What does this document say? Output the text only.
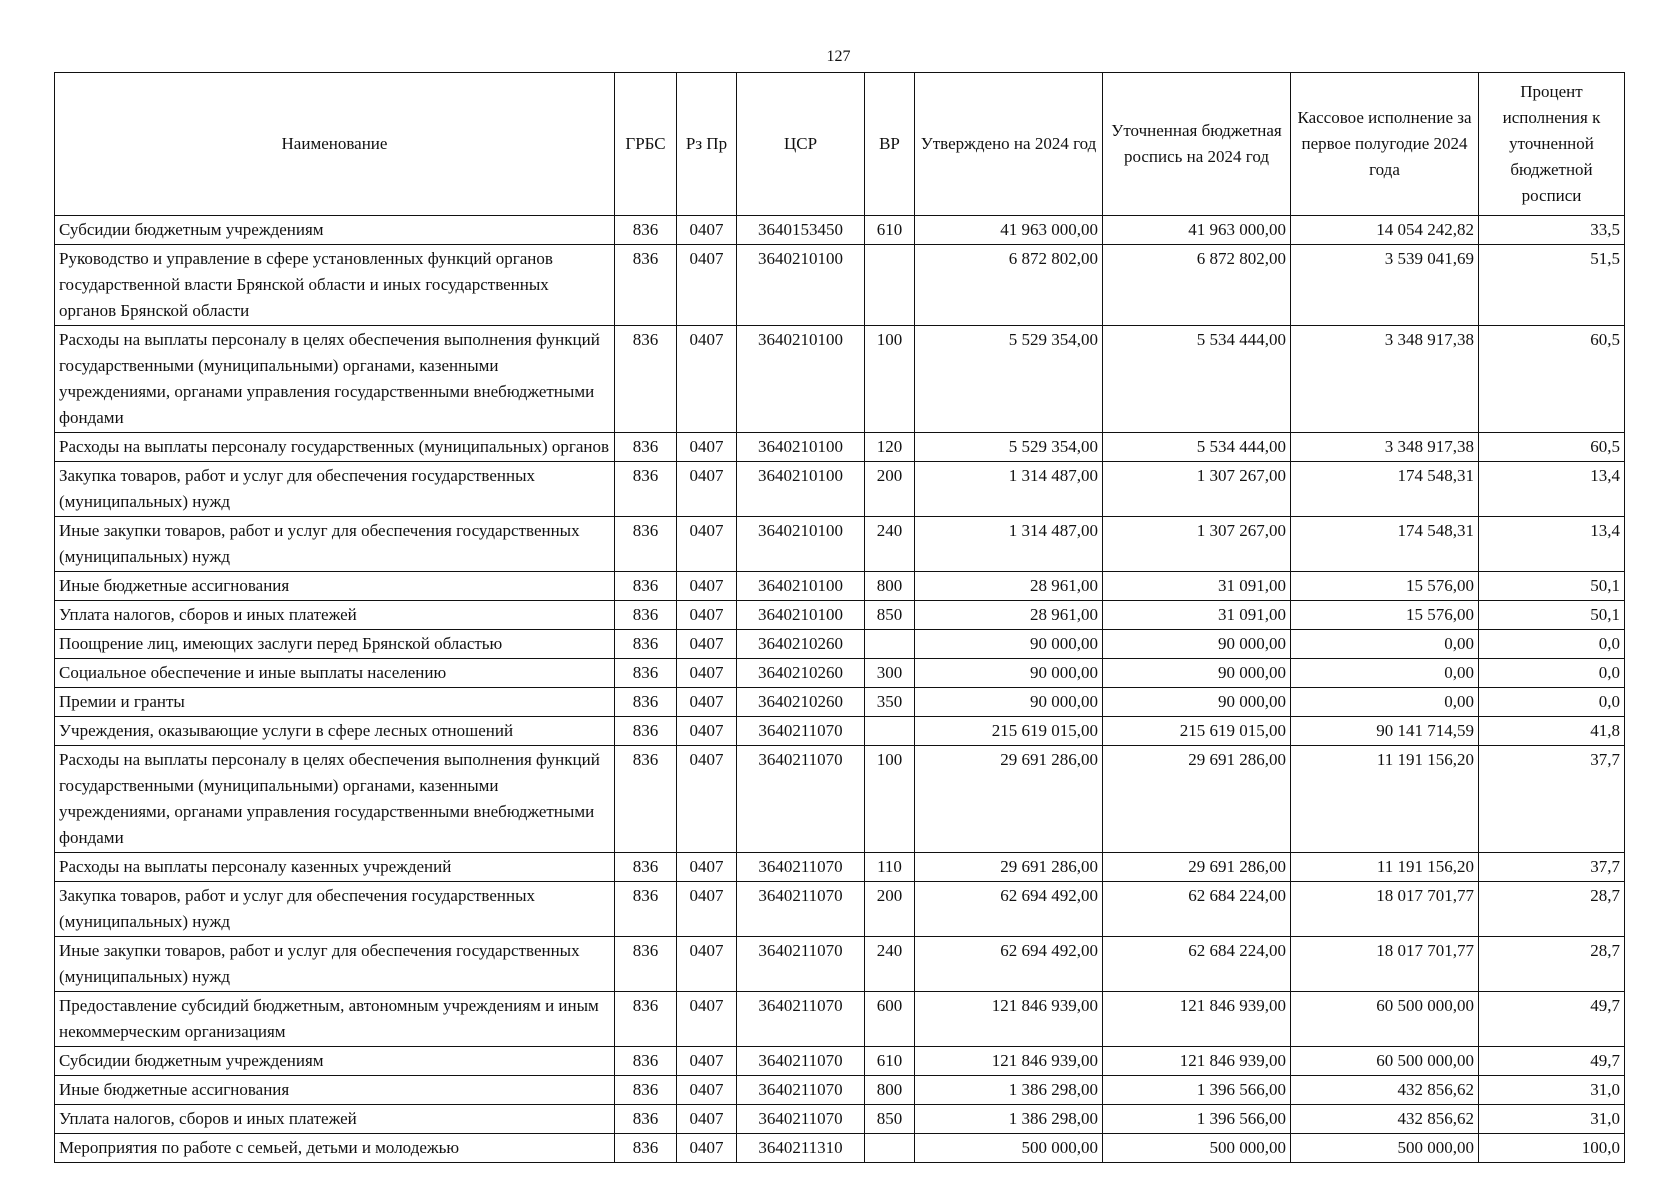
127
Наименование	ГРБС	Рз Пр	ЦСР	ВР	Утверждено на 2024 год	Уточненная бюджетная роспись на 2024 год	Кассовое исполнение за первое полугодие 2024 года	Процент исполнения к уточненной бюджетной росписи
Субсидии бюджетным учреждениям	836	0407	3640153450	610	41 963 000,00	41 963 000,00	14 054 242,82	33,5
Руководство и управление в сфере установленных функций органов государственной власти Брянской области и иных государственных органов Брянской области	836	0407	3640210100		6 872 802,00	6 872 802,00	3 539 041,69	51,5
Расходы на выплаты персоналу в целях обеспечения выполнения функций государственными (муниципальными) органами, казенными учреждениями, органами управления государственными внебюджетными фондами	836	0407	3640210100	100	5 529 354,00	5 534 444,00	3 348 917,38	60,5
Расходы на выплаты персоналу государственных (муниципальных) органов	836	0407	3640210100	120	5 529 354,00	5 534 444,00	3 348 917,38	60,5
Закупка товаров, работ и услуг для обеспечения государственных (муниципальных) нужд	836	0407	3640210100	200	1 314 487,00	1 307 267,00	174 548,31	13,4
Иные закупки товаров, работ и услуг для обеспечения государственных (муниципальных) нужд	836	0407	3640210100	240	1 314 487,00	1 307 267,00	174 548,31	13,4
Иные бюджетные ассигнования	836	0407	3640210100	800	28 961,00	31 091,00	15 576,00	50,1
Уплата налогов, сборов и иных платежей	836	0407	3640210100	850	28 961,00	31 091,00	15 576,00	50,1
Поощрение лиц, имеющих заслуги перед Брянской областью	836	0407	3640210260		90 000,00	90 000,00	0,00	0,0
Социальное обеспечение и иные выплаты населению	836	0407	3640210260	300	90 000,00	90 000,00	0,00	0,0
Премии и гранты	836	0407	3640210260	350	90 000,00	90 000,00	0,00	0,0
Учреждения, оказывающие услуги в сфере лесных отношений	836	0407	3640211070		215 619 015,00	215 619 015,00	90 141 714,59	41,8
Расходы на выплаты персоналу в целях обеспечения выполнения функций государственными (муниципальными) органами, казенными учреждениями, органами управления государственными внебюджетными фондами	836	0407	3640211070	100	29 691 286,00	29 691 286,00	11 191 156,20	37,7
Расходы на выплаты персоналу казенных учреждений	836	0407	3640211070	110	29 691 286,00	29 691 286,00	11 191 156,20	37,7
Закупка товаров, работ и услуг для обеспечения государственных (муниципальных) нужд	836	0407	3640211070	200	62 694 492,00	62 684 224,00	18 017 701,77	28,7
Иные закупки товаров, работ и услуг для обеспечения государственных (муниципальных) нужд	836	0407	3640211070	240	62 694 492,00	62 684 224,00	18 017 701,77	28,7
Предоставление субсидий бюджетным, автономным учреждениям и иным некоммерческим организациям	836	0407	3640211070	600	121 846 939,00	121 846 939,00	60 500 000,00	49,7
Субсидии бюджетным учреждениям	836	0407	3640211070	610	121 846 939,00	121 846 939,00	60 500 000,00	49,7
Иные бюджетные ассигнования	836	0407	3640211070	800	1 386 298,00	1 396 566,00	432 856,62	31,0
Уплата налогов, сборов и иных платежей	836	0407	3640211070	850	1 386 298,00	1 396 566,00	432 856,62	31,0
Мероприятия по работе с семьей, детьми и молодежью	836	0407	3640211310		500 000,00	500 000,00	500 000,00	100,0
